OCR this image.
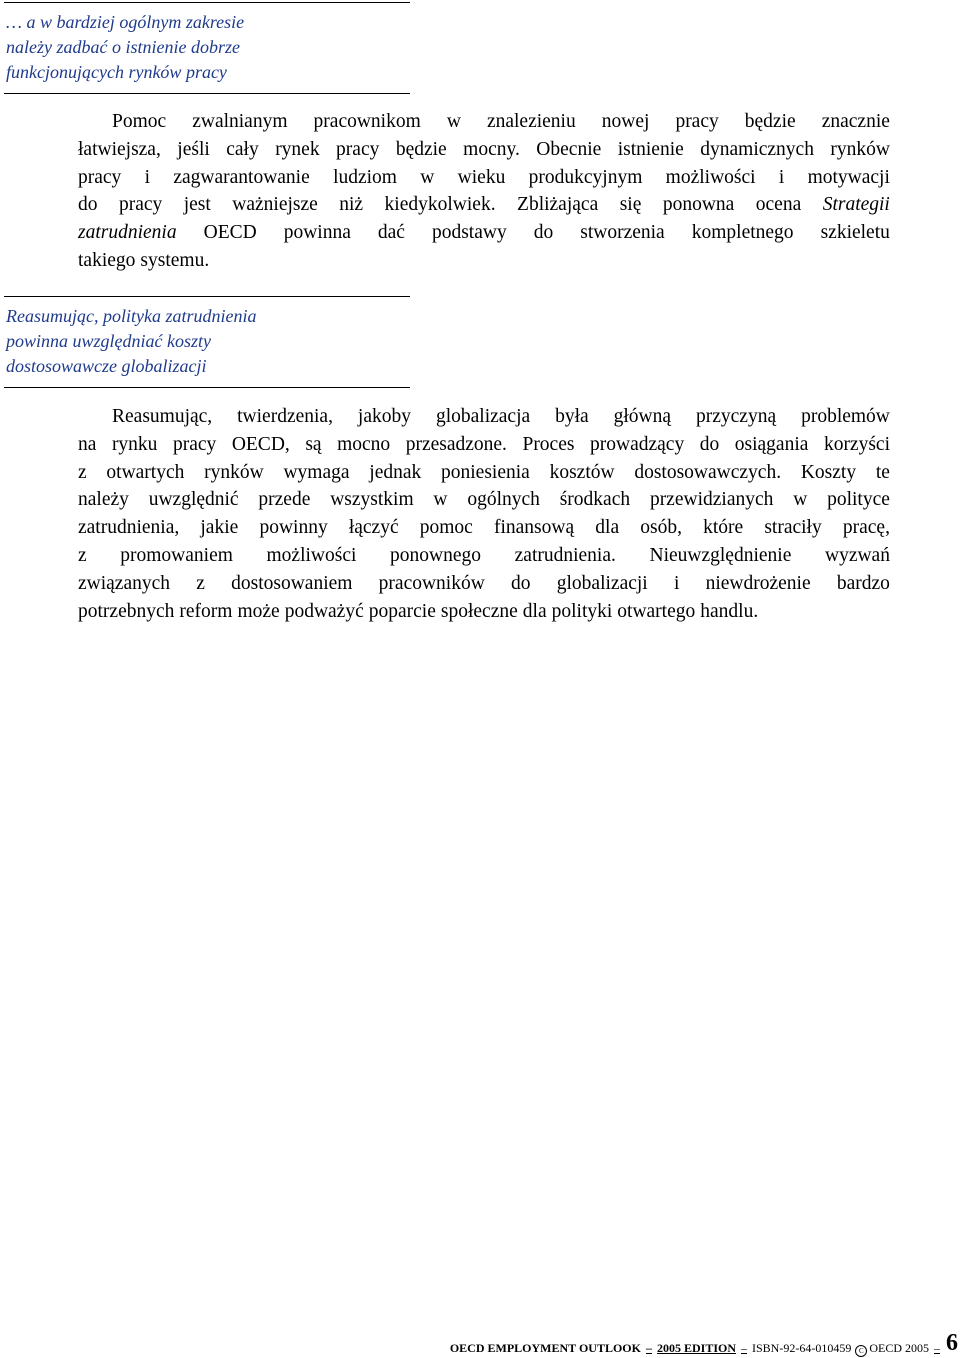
… a w bardziej ogólnym zakresie
należy zadbać o istnienie dobrze
funkcjonujących rynków pracy
Pomoc zwalnianym pracownikom w znalezieniu nowej pracy będzie znacznie
łatwiejsza, jeśli cały rynek pracy będzie mocny. Obecnie istnienie dynamicznych rynków
pracy i zagwarantowanie ludziom w wieku produkcyjnym możliwości i motywacji
do pracy jest ważniejsze niż kiedykolwiek. Zbliżająca się ponowna ocena Strategii
zatrudnienia OECD powinna dać podstawy do stworzenia kompletnego szkieletu
takiego systemu.
Reasumując, polityka zatrudnienia
powinna uwzględniać koszty
dostosowawcze globalizacji
Reasumując, twierdzenia, jakoby globalizacja była główną przyczyną problemów
na rynku pracy OECD, są mocno przesadzone. Proces prowadzący do osiągania korzyści
z otwartych rynków wymaga jednak poniesienia kosztów dostosowawczych. Koszty te
należy uwzględnić przede wszystkim w ogólnych środkach przewidzianych w polityce
zatrudnienia, jakie powinny łączyć pomoc finansową dla osób, które straciły pracę,
z promowaniem możliwości ponownego zatrudnienia. Nieuwzględnienie wyzwań
związanych z dostosowaniem pracowników do globalizacji i niewdrożenie bardzo
potrzebnych reform może podważyć poparcie społeczne dla polityki otwartego handlu.
OECD EMPLOYMENT OUTLOOK – 2005 EDITION – ISBN-92-64-010459	C OECD 2005 – 6
